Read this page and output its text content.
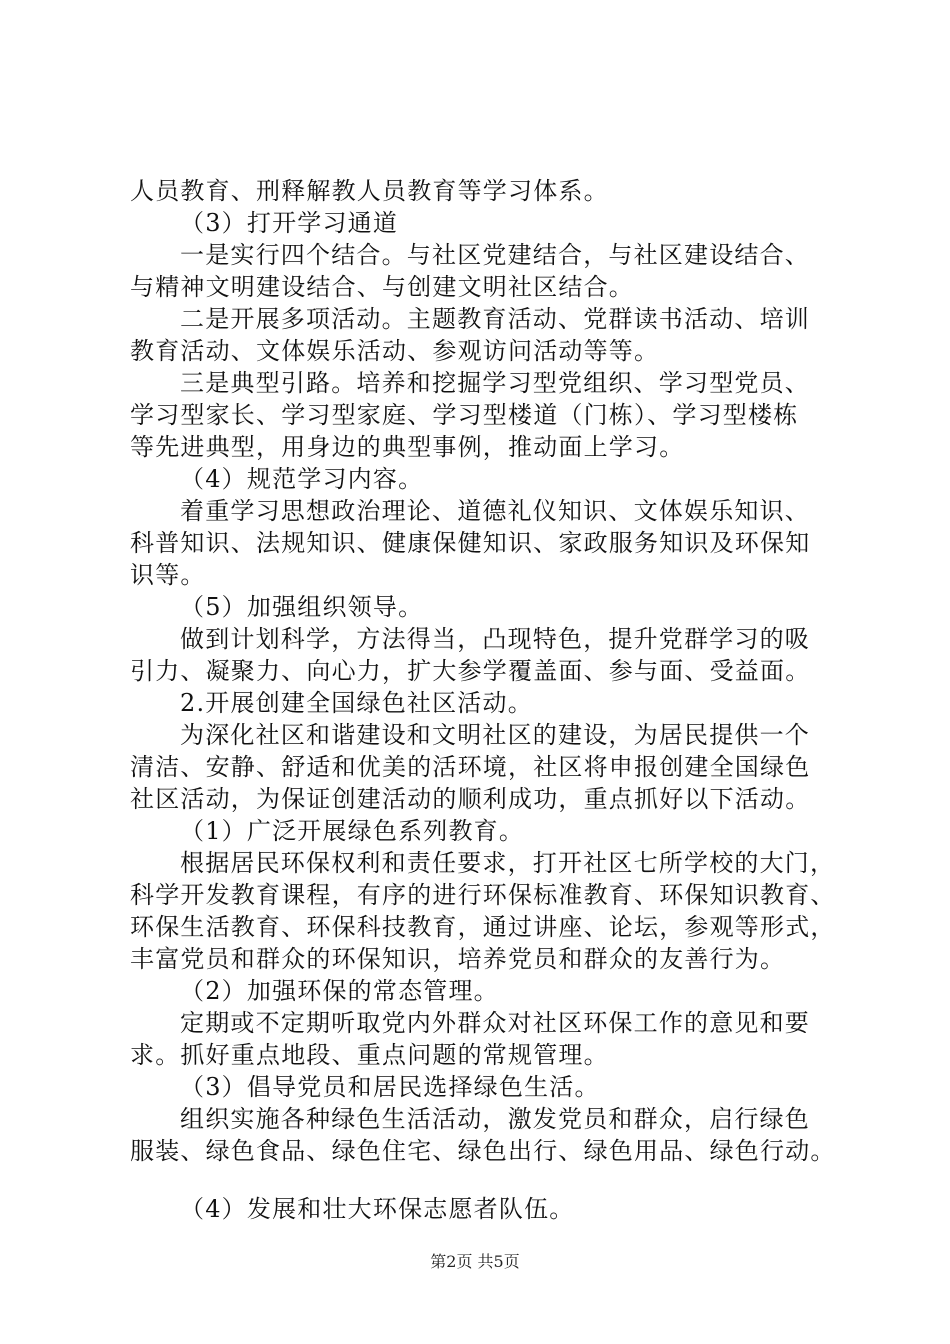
人员教育、刑释解教人员教育等学习体系。
（3）打开学习通道
一是实行四个结合。与社区党建结合，与社区建设结合、
与精神文明建设结合、与创建文明社区结合。
二是开展多项活动。主题教育活动、党群读书活动、培训
教育活动、文体娱乐活动、参观访问活动等等。
三是典型引路。培养和挖掘学习型党组织、学习型党员、
学习型家长、学习型家庭、学习型楼道（门栋）、学习型楼栋
等先进典型，用身边的典型事例，推动面上学习。
（4）规范学习内容。
着重学习思想政治理论、道德礼仪知识、文体娱乐知识、
科普知识、法规知识、健康保健知识、家政服务知识及环保知
识等。
（5）加强组织领导。
做到计划科学，方法得当，凸现特色，提升党群学习的吸
引力、凝聚力、向心力，扩大参学覆盖面、参与面、受益面。
2.开展创建全国绿色社区活动。
为深化社区和谐建设和文明社区的建设，为居民提供一个
清洁、安静、舒适和优美的活环境，社区将申报创建全国绿色
社区活动，为保证创建活动的顺利成功，重点抓好以下活动。
（1）广泛开展绿色系列教育。
根据居民环保权利和责任要求，打开社区七所学校的大门，
科学开发教育课程，有序的进行环保标准教育、环保知识教育、
环保生活教育、环保科技教育，通过讲座、论坛，参观等形式，
丰富党员和群众的环保知识，培养党员和群众的友善行为。
（2）加强环保的常态管理。
定期或不定期听取党内外群众对社区环保工作的意见和要
求。抓好重点地段、重点问题的常规管理。
（3）倡导党员和居民选择绿色生活。
组织实施各种绿色生活活动，激发党员和群众，启行绿色
服装、绿色食品、绿色住宅、绿色出行、绿色用品、绿色行动。
（4）发展和壮大环保志愿者队伍。
第2页 共5页
